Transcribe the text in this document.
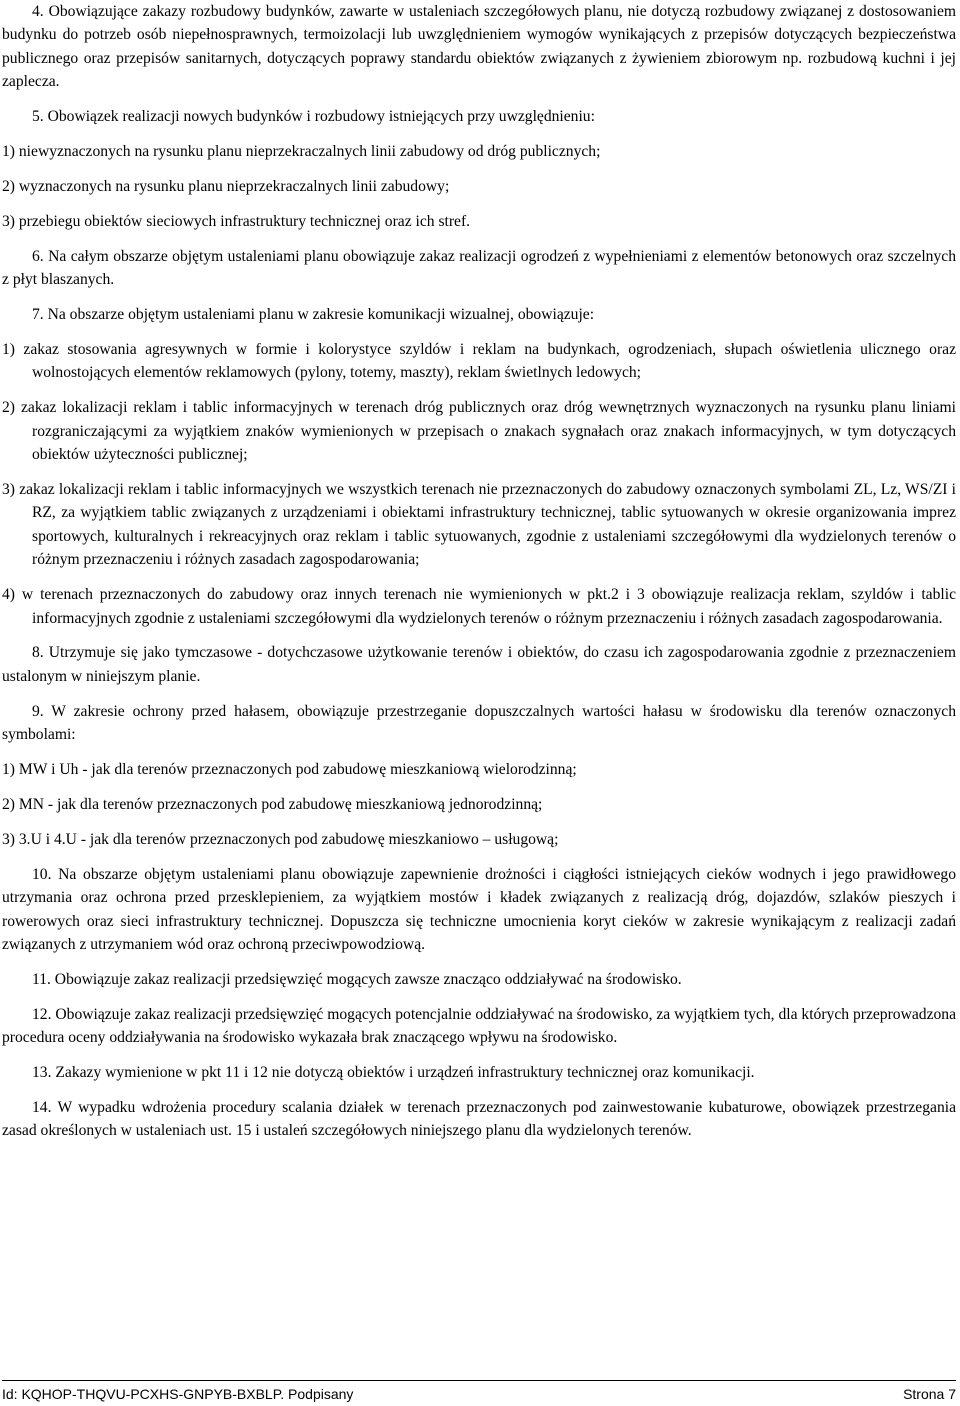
4. Obowiązujące zakazy rozbudowy budynków, zawarte w ustaleniach szczegółowych planu, nie dotyczą rozbudowy związanej z dostosowaniem budynku do potrzeb osób niepełnosprawnych, termoizolacji lub uwzględnieniem wymogów wynikających z przepisów dotyczących bezpieczeństwa publicznego oraz przepisów sanitarnych, dotyczących poprawy standardu obiektów związanych z żywieniem zbiorowym np. rozbudową kuchni i jej zaplecza.

5. Obowiązek realizacji nowych budynków i rozbudowy istniejących przy uwzględnieniu:

1) niewyznaczonych na rysunku planu nieprzekraczalnych linii zabudowy od dróg publicznych;

2) wyznaczonych na rysunku planu nieprzekraczalnych linii zabudowy;

3) przebiegu obiektów sieciowych infrastruktury technicznej oraz ich stref.

6. Na całym obszarze objętym ustaleniami planu obowiązuje zakaz realizacji ogrodzeń z wypełnieniami z elementów betonowych oraz szczelnych z płyt blaszanych.

7. Na obszarze objętym ustaleniami planu w zakresie komunikacji wizualnej, obowiązuje:

1) zakaz stosowania agresywnych w formie i kolorystyce szyldów i reklam na budynkach, ogrodzeniach, słupach oświetlenia ulicznego oraz wolnostojących elementów reklamowych (pylony, totemy, maszty), reklam świetlnych ledowych;

2) zakaz lokalizacji reklam i tablic informacyjnych w terenach dróg publicznych oraz dróg wewnętrznych wyznaczonych na rysunku planu liniami rozgraniczającymi za wyjątkiem znaków wymienionych w przepisach o znakach sygnałach oraz znakach informacyjnych, w tym dotyczących obiektów użyteczności publicznej;

3) zakaz lokalizacji reklam i tablic informacyjnych we wszystkich terenach nie przeznaczonych do zabudowy oznaczonych symbolami ZL, Lz, WS/ZI i RZ, za wyjątkiem tablic związanych z urządzeniami i obiektami infrastruktury technicznej, tablic sytuowanych w okresie organizowania imprez sportowych, kulturalnych i rekreacyjnych oraz reklam i tablic sytuowanych, zgodnie z ustaleniami szczegółowymi dla wydzielonych terenów o różnym przeznaczeniu i różnych zasadach zagospodarowania;

4) w terenach przeznaczonych do zabudowy oraz innych terenach nie wymienionych w pkt.2 i 3 obowiązuje realizacja reklam, szyldów i tablic informacyjnych zgodnie z ustaleniami szczegółowymi dla wydzielonych terenów o różnym przeznaczeniu i różnych zasadach zagospodarowania.

8. Utrzymuje się jako tymczasowe - dotychczasowe użytkowanie terenów i obiektów, do czasu ich zagospodarowania zgodnie z przeznaczeniem ustalonym w niniejszym planie.

9. W zakresie ochrony przed hałasem, obowiązuje przestrzeganie dopuszczalnych wartości hałasu w środowisku dla terenów oznaczonych symbolami:

1) MW i Uh - jak dla terenów przeznaczonych pod zabudowę mieszkaniową wielorodzinną;

2) MN - jak dla terenów przeznaczonych pod zabudowę mieszkaniową jednorodzinną;

3) 3.U i 4.U - jak dla terenów przeznaczonych pod zabudowę mieszkaniowo – usługową;

10. Na obszarze objętym ustaleniami planu obowiązuje zapewnienie drożności i ciągłości istniejących cieków wodnych i jego prawidłowego utrzymania oraz ochrona przed przesklepieniem, za wyjątkiem mostów i kładek związanych z realizacją dróg, dojazdów, szlaków pieszych i rowerowych oraz sieci infrastruktury technicznej. Dopuszcza się techniczne umocnienia koryt cieków w zakresie wynikającym z realizacji zadań związanych z utrzymaniem wód oraz ochroną przeciwpowodziową.

11. Obowiązuje zakaz realizacji przedsięwzięć mogących zawsze znacząco oddziaływać na środowisko.

12. Obowiązuje zakaz realizacji przedsięwzięć mogących potencjalnie oddziaływać na środowisko, za wyjątkiem tych, dla których przeprowadzona procedura oceny oddziaływania na środowisko wykazała brak znaczącego wpływu na środowisko.

13. Zakazy wymienione w pkt 11 i 12 nie dotyczą obiektów i urządzeń infrastruktury technicznej oraz komunikacji.

14. W wypadku wdrożenia procedury scalania działek w terenach przeznaczonych pod zainwestowanie kubaturowe, obowiązek przestrzegania zasad określonych w ustaleniach ust. 15 i ustaleń szczegółowych niniejszego planu dla wydzielonych terenów.

Id: KQHOP-THQVU-PCXHS-GNPYB-BXBLP. Podpisany	Strona 7
